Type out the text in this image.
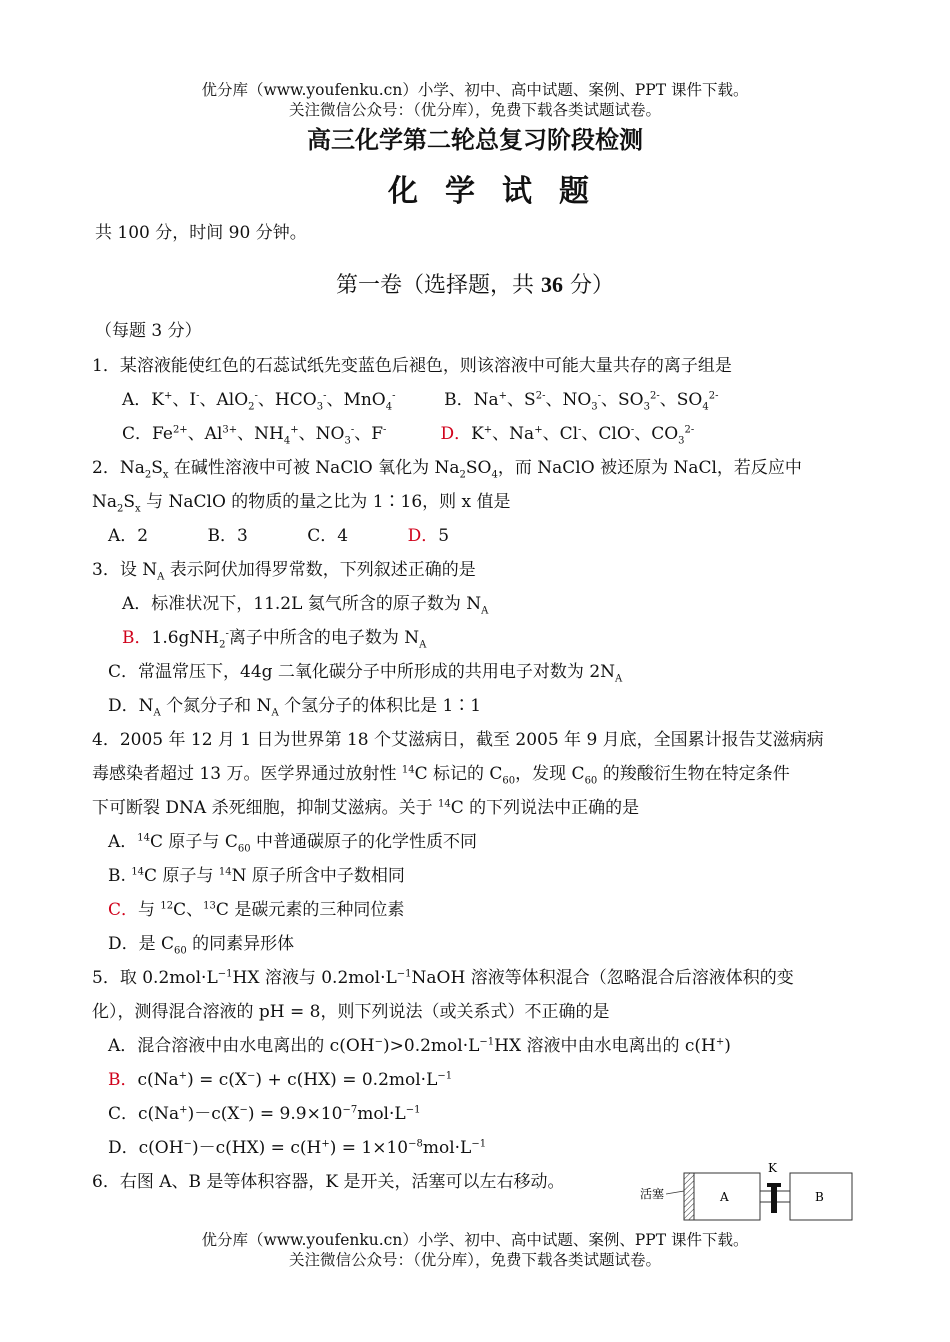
优分库（www.youfenku.cn）小学、初中、高中试题、案例、PPT 课件下载。
关注微信公众号：（优分库），免费下载各类试题试卷。
高三化学第二轮总复习阶段检测
化学试题
共 100 分，时间 90 分钟。
第一卷（选择题，共 36 分）
（每题 3 分）
1．某溶液能使红色的石蕊试纸先变蓝色后褪色，则该溶液中可能大量共存的离子组是
A．K+、I-、AlO$_2$-、$HCO_3^-$、MnO$_4$-         B．Na+、$S^{2-}$、$NO_3^-$、$SO_3^{2-}$、$SO_4^{2-}$
C．$Fe^{2+}$、$Al^{3+}$、$NH_4^+$、$NO_3^-$、F-	D．K+、Na+、Cl-、ClO-、$CO_3^{2-}$
2．$Na_2S_x$ 在碱性溶液中可被 NaClO 氧化为 $Na_2SO_4$，而 NaClO 被还原为 NaCl，若反应中
$Na_2S_x$ 与 NaClO 的物质的量之比为 1∶16，则 x 值是
A．2           B．3           C．4           D．5
3．设 $N_A$ 表示阿伏加得罗常数，下列叙述正确的是
A．标准状况下，11.2L 氦气所含的原子数为 $N_A$
B．1.6gNH$_2$-离子中所含的电子数为 $N_A$
C．常温常压下，44g 二氧化碳分子中所形成的共用电子对数为 $2N_A$
D．$N_A$ 个氮分子和 $N_A$ 个氢分子的体积比是 1∶1
4．2005 年 12 月 1 日为世界第 18 个艾滋病日，截至 2005 年 9 月底，全国累计报告艾滋病病
毒感染者超过 13 万。医学界通过放射性 $^{14}$C 标记的 $C_{60}$，发现 $C_{60}$ 的羧酸衍生物在特定条件
下可断裂 DNA 杀死细胞，抑制艾滋病。关于 $^{14}$C 的下列说法中正确的是
A．$^{14}$C 原子与 $C_{60}$ 中普通碳原子的化学性质不同
B. $^{14}$C 原子与 $^{14}$N 原子所含中子数相同
C．与 $^{12}$C、$^{13}$C 是碳元素的三种同位素
D．是 $C_{60}$ 的同素异形体
5．取 $0.2mol\cdot L^{-1}HX$ 溶液与 $0.2mol\cdot L^{-1}NaOH$ 溶液等体积混合（忽略混合后溶液体积的变
化），测得混合溶液的 pH = 8，则下列说法（或关系式）不正确的是
A．混合溶液中由水电离出的 $c(OH^-)>0.2mol\cdot L^{-1}HX$ 溶液中由水电离出的 c(H+)
B．$c(Na^+) = c(X^-) + c(HX) = 0.2mol\cdot L^{-1}$
C．$c(Na^+)-c(X^-) = 9.9\times 10^{-7}mol\cdot L^{-1}$
D．$c(OH^-)-c(HX) = c(H^+) = 1\times 10^{-8}mol\cdot L^{-1}$
6．右图 A、B 是等体积容器，K 是开关，活塞可以左右移动。
活塞	A
K
B
优分库（www.youfenku.cn）小学、初中、高中试题、案例、PPT 课件下载。
关注微信公众号：（优分库），免费下载各类试题试卷。
